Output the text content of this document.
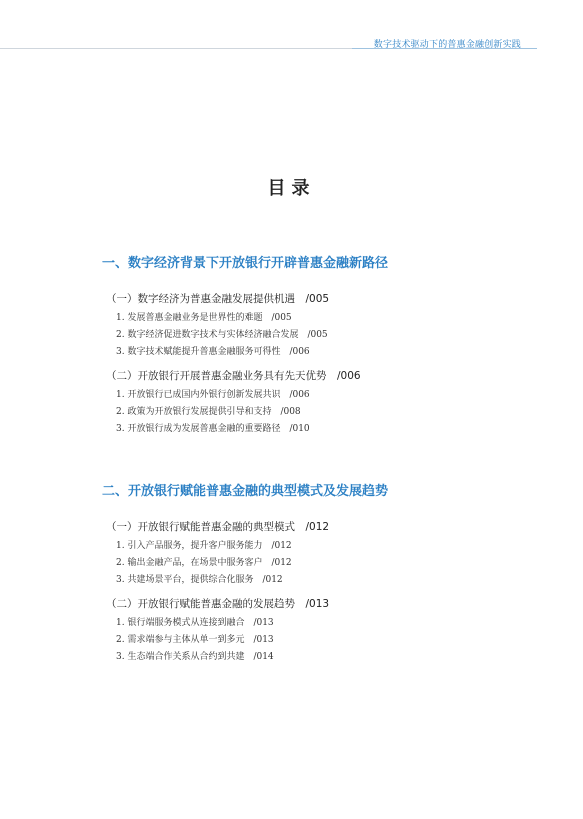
数字技术驱动下的普惠金融创新实践
目录
一、数字经济背景下开放银行开辟普惠金融新路径
（一）数字经济为普惠金融发展提供机遇　/005
1. 发展普惠金融业务是世界性的难题　/005
2. 数字经济促进数字技术与实体经济融合发展　/005
3. 数字技术赋能提升普惠金融服务可得性　/006
（二）开放银行开展普惠金融业务具有先天优势　/006
1. 开放银行已成国内外银行创新发展共识　/006
2. 政策为开放银行发展提供引导和支持　/008
3. 开放银行成为发展普惠金融的重要路径　/010
二、开放银行赋能普惠金融的典型模式及发展趋势
（一）开放银行赋能普惠金融的典型模式　/012
1. 引入产品服务，提升客户服务能力　/012
2. 输出金融产品，在场景中服务客户　/012
3. 共建场景平台，提供综合化服务　/012
（二）开放银行赋能普惠金融的发展趋势　/013
1. 银行端服务模式从连接到融合　/013
2. 需求端参与主体从单一到多元　/013
3. 生态端合作关系从合约到共建　/014
